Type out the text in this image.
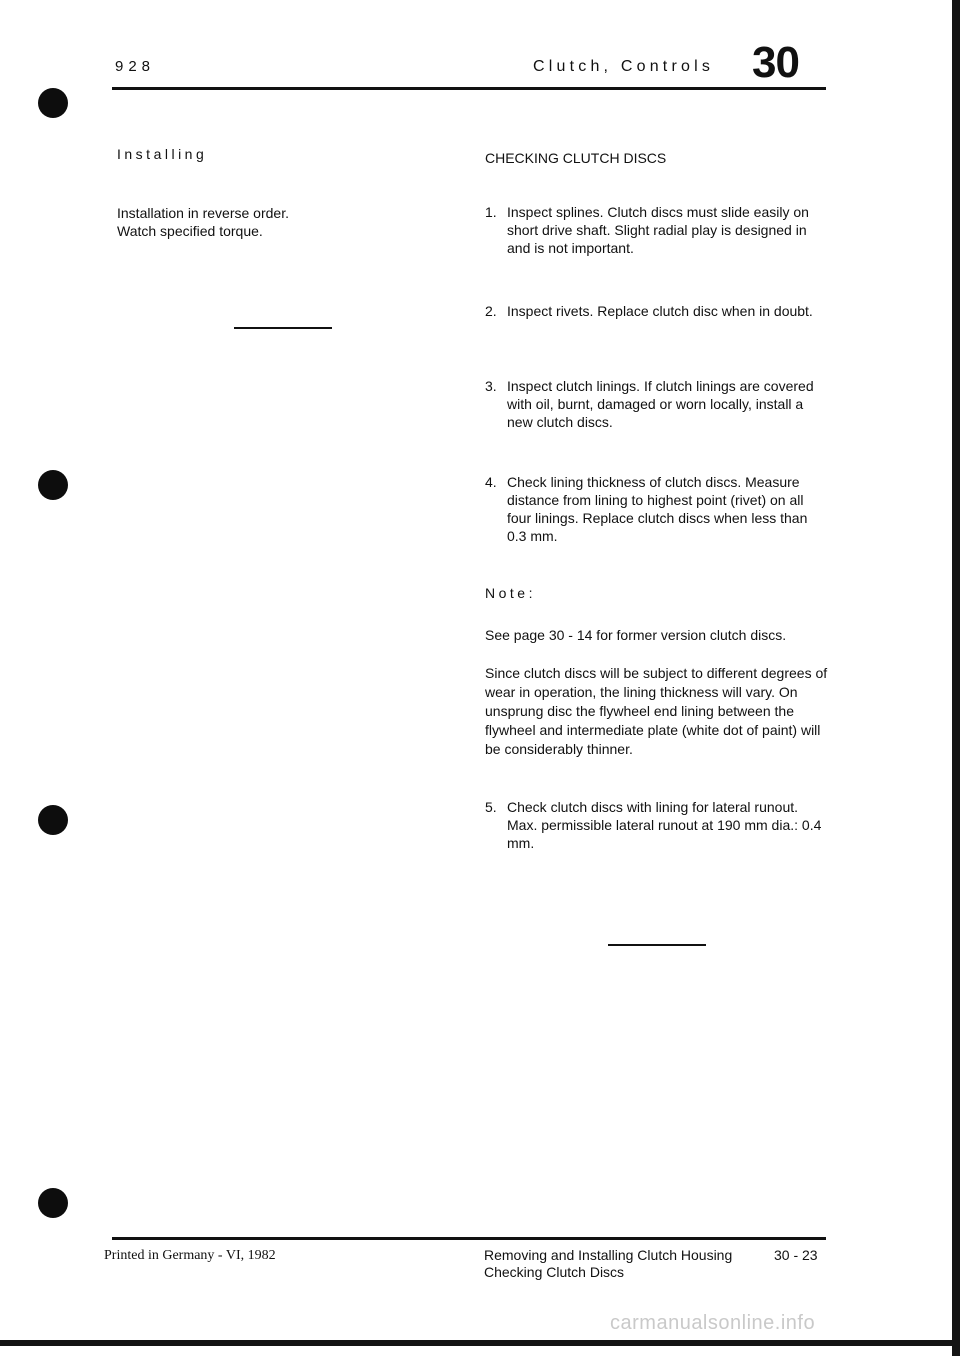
928	Clutch, Controls 30
Installing
Installation in reverse order.
Watch specified torque.
CHECKING CLUTCH DISCS
1. Inspect splines. Clutch discs must slide easily on short drive shaft. Slight radial play is designed in and is not important.
2. Inspect rivets. Replace clutch disc when in doubt.
3. Inspect clutch linings. If clutch linings are covered with oil, burnt, damaged or worn locally, install a new clutch discs.
4. Check lining thickness of clutch discs. Measure distance from lining to highest point (rivet) on all four linings. Replace clutch discs when less than 0.3 mm.
Note:
See page 30 - 14 for former version clutch discs.
Since clutch discs will be subject to different degrees of wear in operation, the lining thickness will vary. On unsprung disc the flywheel end lining between the flywheel and intermediate plate (white dot of paint) will be considerably thinner.
5. Check clutch discs with lining for lateral runout. Max. permissible lateral runout at 190 mm dia.: 0.4 mm.
Printed in Germany - VI, 1982	Removing and Installing Clutch Housing
Checking Clutch Discs
30 - 23
carmanualsonline.info
